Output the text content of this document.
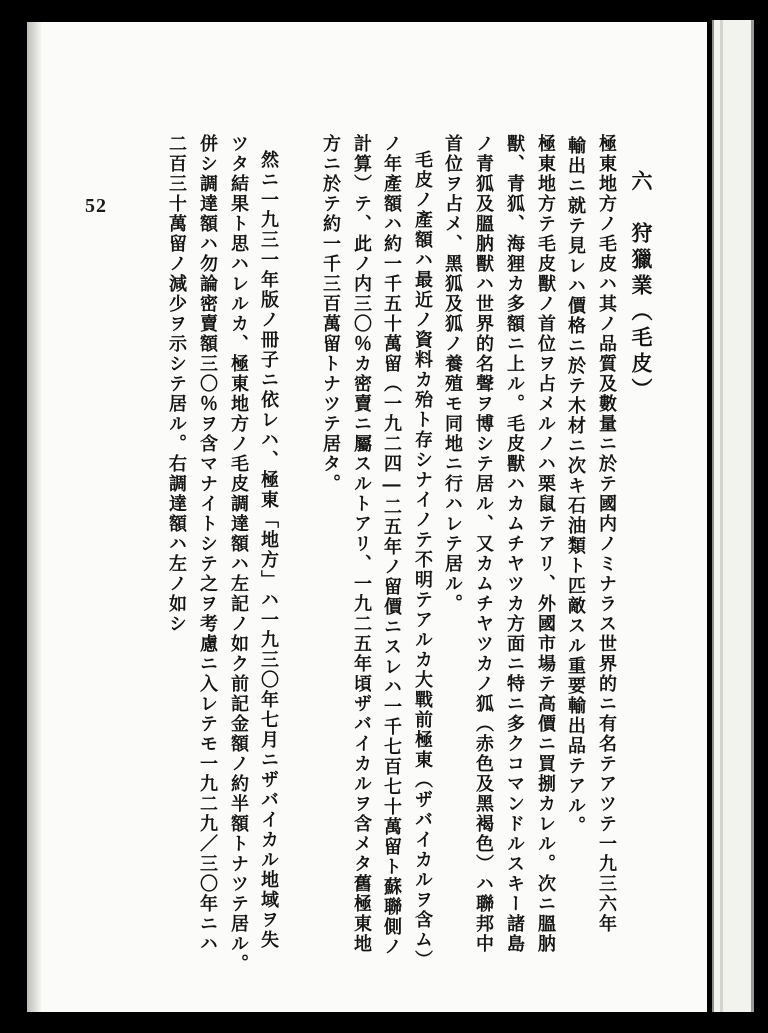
六　狩獵業（毛皮）
極東地方ノ毛皮ハ其ノ品質及數量ニ於テ國内ノミナラス世界的ニ有名テアツテ一九三六年
輸出ニ就テ見レハ價格ニ於テ木材ニ次キ石油類ト匹敵スル重要輸出品テアル。
極東地方テ毛皮獸ノ首位ヲ占メルノハ栗鼠テアリ、外國市場テ高價ニ買捌カレル。次ニ膃肭
獸、青狐、海狸カ多額ニ上ル。毛皮獸ハカムチヤツカ方面ニ特ニ多クコマンドルスキー諸島
ノ青狐及膃肭獸ハ世界的名聲ヲ博シテ居ル、又カムチヤツカノ狐（赤色及黑褐色）ハ聯邦中
首位ヲ占メ、黑狐及狐ノ養殖モ同地ニ行ハレテ居ル。
毛皮ノ產額ハ最近ノ資料カ殆ト存シナイノテ不明テアルカ大戰前極東（ザバイカルヲ含ム）
ノ年產額ハ約一千五十萬留（一九二四―二五年ノ留價ニスレハ一千七百七十萬留ト蘇聯側ノ
計算）テ、此ノ内三〇％カ密賣ニ屬スルトアリ、一九二五年頃ザバイカルヲ含メタ舊極東地
方ニ於テ約一千三百萬留トナツテ居タ。
然ニ一九三一年版ノ冊子ニ依レハ、極東「地方」ハ一九三〇年七月ニザバイカル地域ヲ失
ツタ結果ト思ハレルカ、極東地方ノ毛皮調達額ハ左記ノ如ク前記金額ノ約半額トナツテ居ル。
併シ調達額ハ勿論密賣額三〇％ヲ含マナイトシテ之ヲ考慮ニ入レテモ一九二九／三〇年ニハ
二百三十萬留ノ減少ヲ示シテ居ル。右調達額ハ左ノ如シ
52
